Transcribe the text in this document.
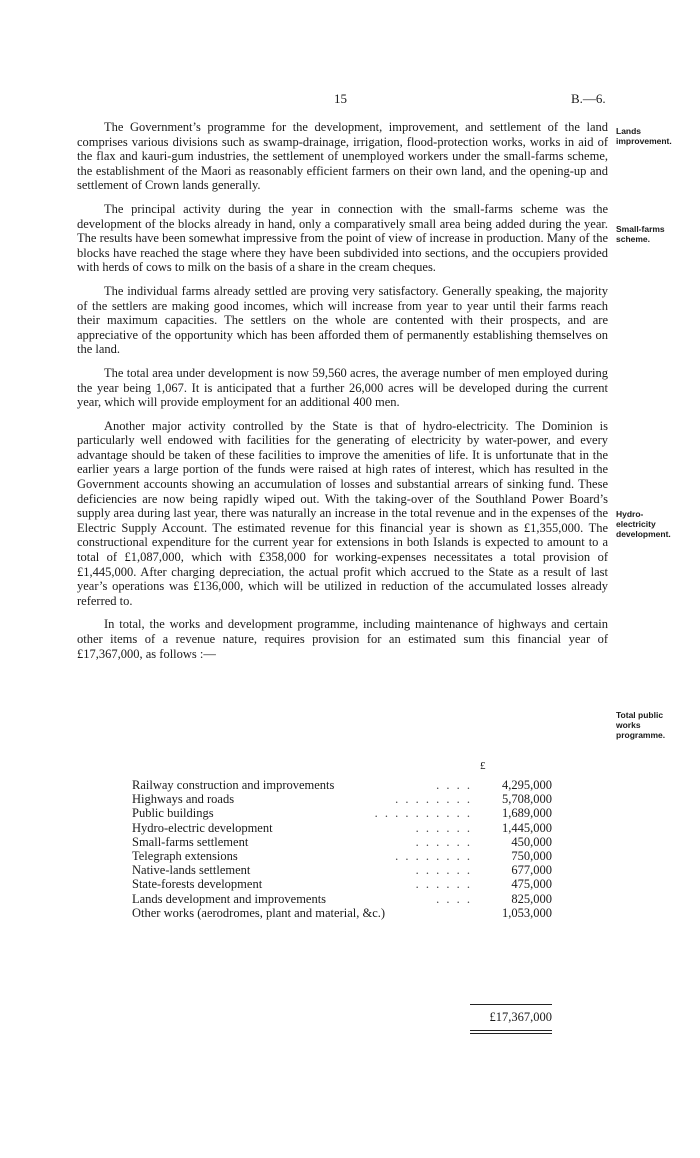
15	B.—6.

The Government’s programme for the development, improvement, and settlement of the land comprises various divisions such as swamp-drainage, irrigation, flood-protection works, works in aid of the flax and kauri-gum industries, the settlement of unemployed workers under the small-farms scheme, the establishment of the Maori as reasonably efficient farmers on their own land, and the opening-up and settlement of Crown lands generally.

The principal activity during the year in connection with the small-farms scheme was the development of the blocks already in hand, only a comparatively small area being added during the year. The results have been somewhat impressive from the point of view of increase in production. Many of the blocks have reached the stage where they have been subdivided into sections, and the occupiers provided with herds of cows to milk on the basis of a share in the cream cheques.

The individual farms already settled are proving very satisfactory. Generally speaking, the majority of the settlers are making good incomes, which will increase from year to year until their farms reach their maximum capacities. The settlers on the whole are contented with their prospects, and are appreciative of the opportunity which has been afforded them of permanently establishing themselves on the land.

The total area under development is now 59,560 acres, the average number of men employed during the year being 1,067. It is anticipated that a further 26,000 acres will be developed during the current year, which will provide employment for an additional 400 men.

Another major activity controlled by the State is that of hydro-electricity. The Dominion is particularly well endowed with facilities for the generating of electricity by water-power, and every advantage should be taken of these facilities to improve the amenities of life. It is unfortunate that in the earlier years a large portion of the funds were raised at high rates of interest, which has resulted in the Government accounts showing an accumulation of losses and substantial arrears of sinking fund. These deficiencies are now being rapidly wiped out. With the taking-over of the Southland Power Board’s supply area during last year, there was naturally an increase in the total revenue and in the expenses of the Electric Supply Account. The estimated revenue for this financial year is shown as £1,355,000. The constructional expenditure for the current year for extensions in both Islands is expected to amount to a total of £1,087,000, which with £358,000 for working-expenses necessitates a total provision of £1,445,000. After charging depreciation, the actual profit which accrued to the State as a result of last year’s operations was £136,000, which will be utilized in reduction of the accumulated losses already referred to.

In total, the works and development programme, including maintenance of highways and certain other items of a revenue nature, requires provision for an estimated sum this financial year of £17,367,000, as follows :—

Lands
improvement.
Small-farms
scheme.
Hydro-
electricity
development.
Total public
works
programme.
£
Railway construction and improvements	. . . .	4,295,000
Highways and roads	. . . . . . . .	5,708,000
Public buildings	. . . . . . . . . .	1,689,000
Hydro-electric development	. . . . . .	1,445,000
Small-farms settlement	. . . . . .	450,000
Telegraph extensions	. . . . . . . .	750,000
Native-lands settlement	. . . . . .	677,000
State-forests development	. . . . . .	475,000
Lands development and improvements	. . . .	825,000
Other works (aerodromes, plant and material, &c.)	1,053,000
£17,367,000
